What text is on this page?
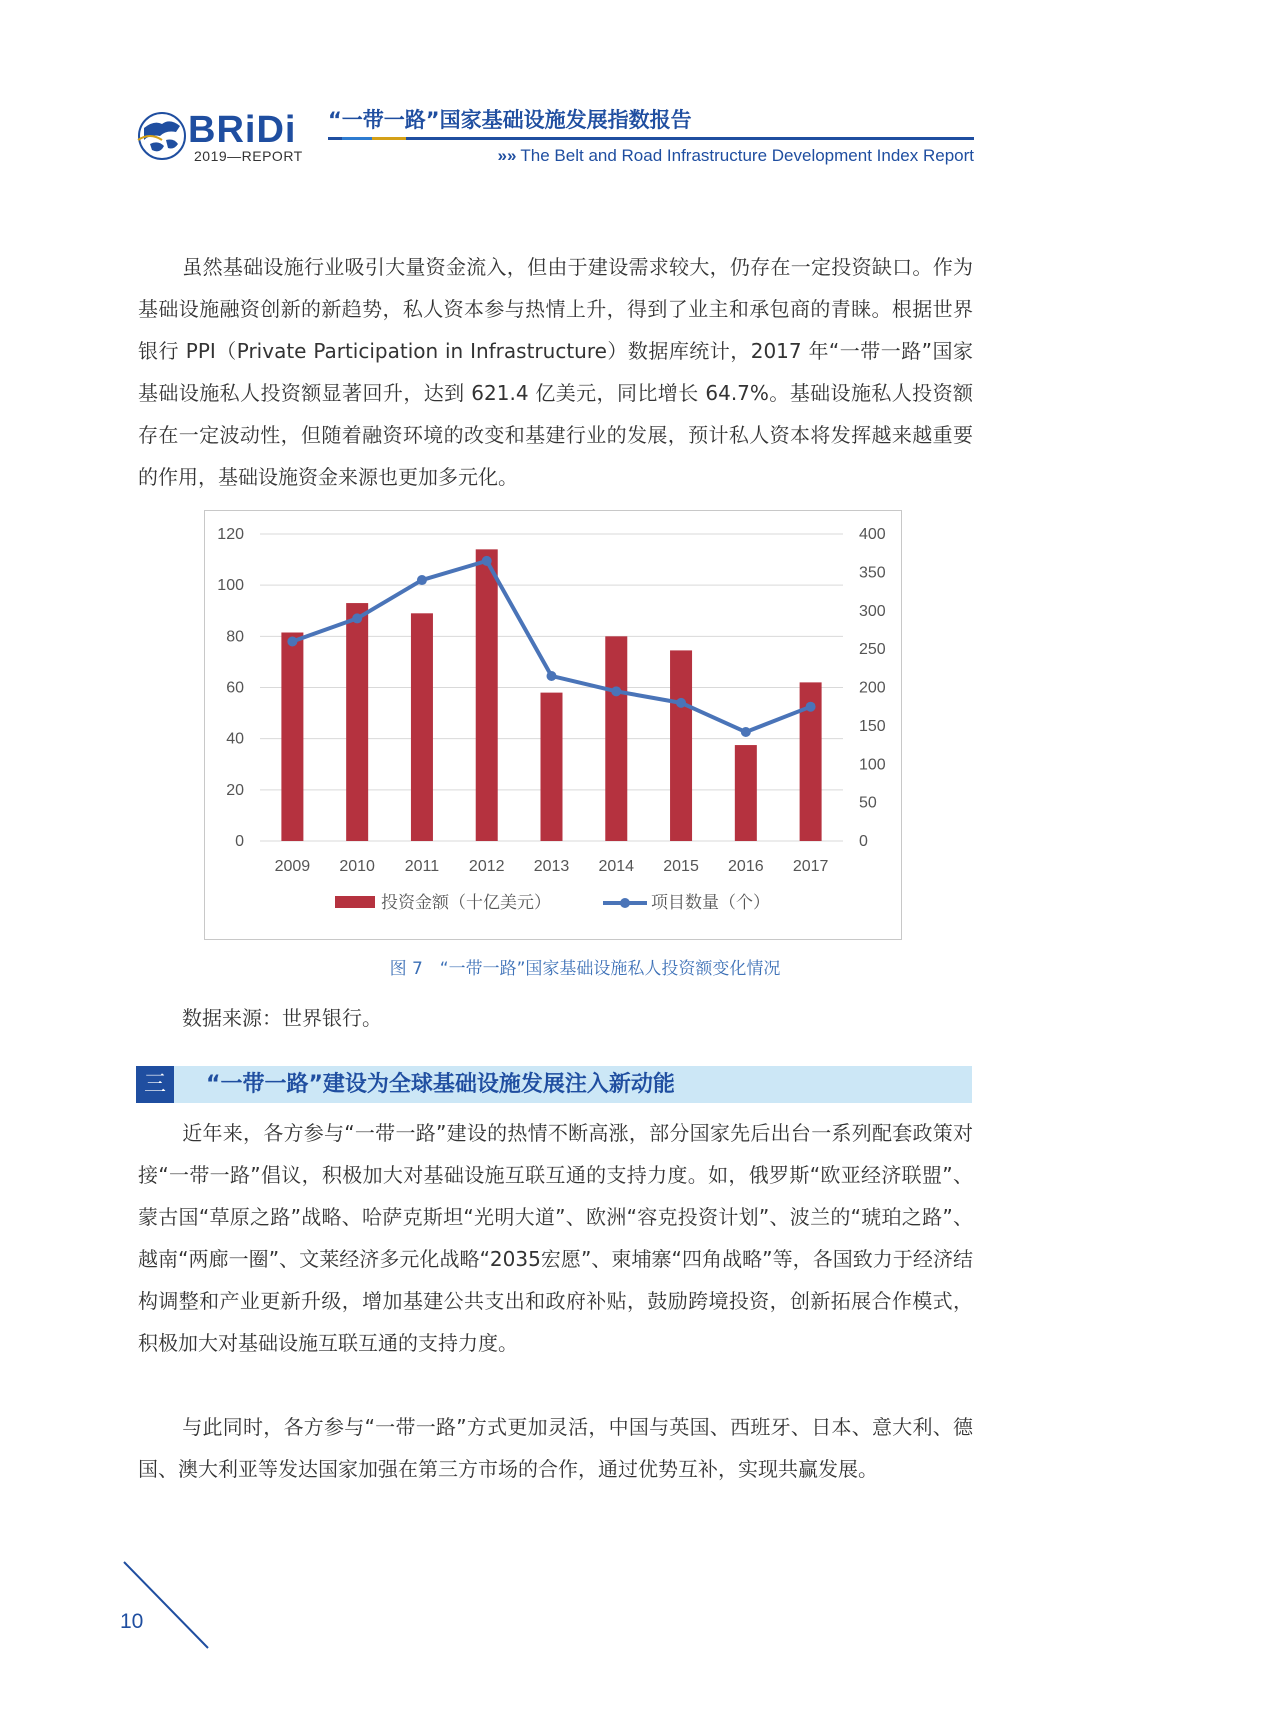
BRiDi
2019—REPORT
“一带一路”国家基础设施发展指数报告
»» The Belt and Road Infrastructure Development Index Report

虽然基础设施行业吸引大量资金流入，但由于建设需求较大，仍存在一定投资缺口。作为基础设施融资创新的新趋势，私人资本参与热情上升，得到了业主和承包商的青睐。根据世界银行 PPI（Private Participation in Infrastructure）数据库统计，2017 年“一带一路”国家基础设施私人投资额显著回升，达到 621.4 亿美元，同比增长 64.7%。基础设施私人投资额存在一定波动性，但随着融资环境的改变和基建行业的发展，预计私人资本将发挥越来越重要的作用，基础设施资金来源也更加多元化。

0
20
40
60
80
100
120
0
50
100
150
200
250
300
350
400
2009 2010 2011 2012 2013 2014 2015 2016 2017
投资金额（十亿美元）	项目数量（个）
图 7　“一带一路”国家基础设施私人投资额变化情况
数据来源：世界银行。
三	“一带一路”建设为全球基础设施发展注入新动能

近年来，各方参与“一带一路”建设的热情不断高涨，部分国家先后出台一系列配套政策对接“一带一路”倡议，积极加大对基础设施互联互通的支持力度。如，俄罗斯“欧亚经济联盟”、蒙古国“草原之路”战略、哈萨克斯坦“光明大道”、欧洲“容克投资计划”、波兰的“琥珀之路”、越南“两廊一圈”、文莱经济多元化战略“2035宏愿”、柬埔寨“四角战略”等，各国致力于经济结构调整和产业更新升级，增加基建公共支出和政府补贴，鼓励跨境投资，创新拓展合作模式，积极加大对基础设施互联互通的支持力度。

与此同时，各方参与“一带一路”方式更加灵活，中国与英国、西班牙、日本、意大利、德国、澳大利亚等发达国家加强在第三方市场的合作，通过优势互补，实现共赢发展。

10
